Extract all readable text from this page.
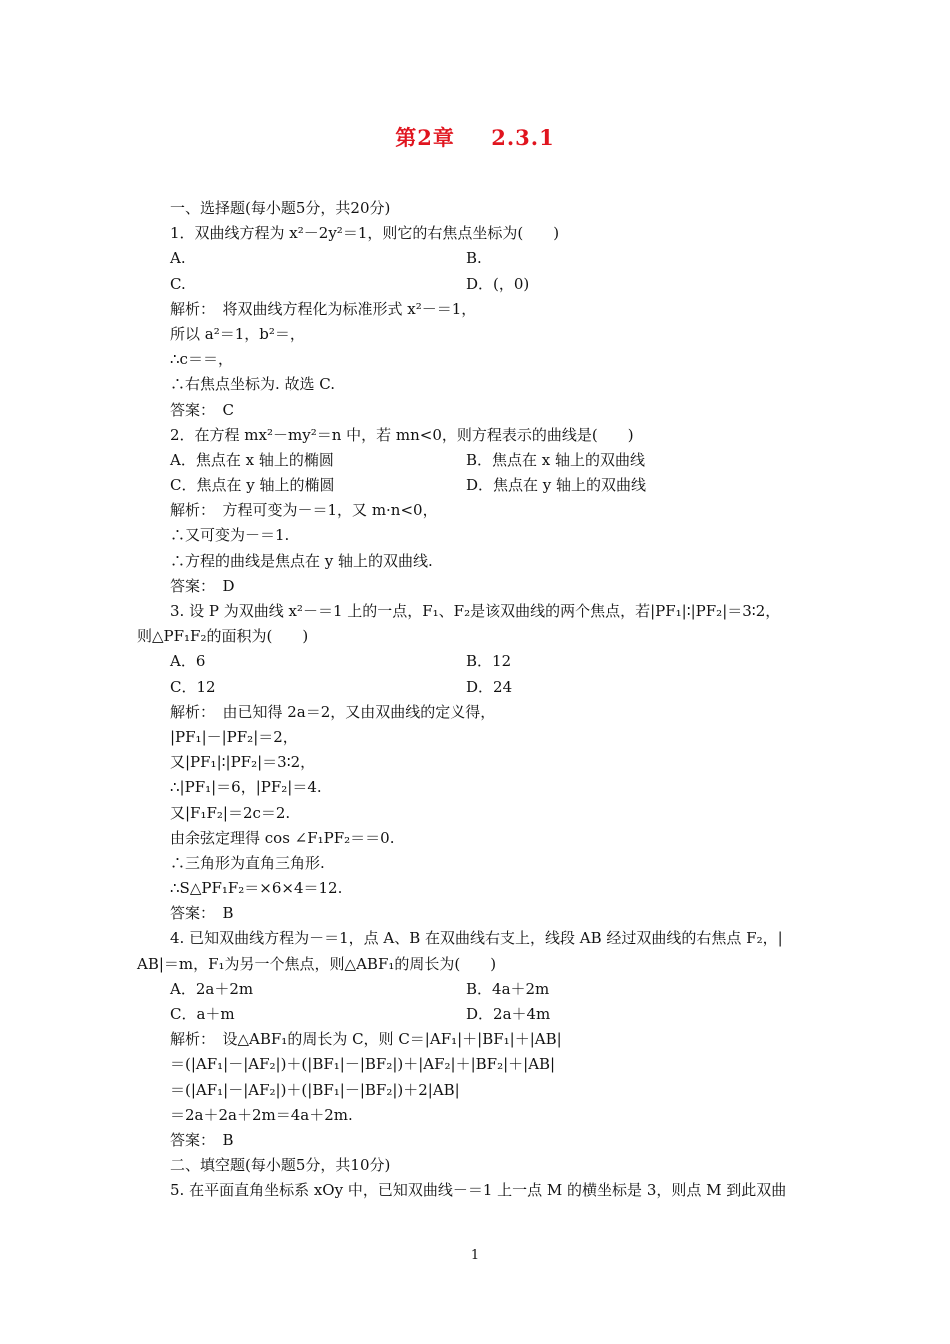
第2章 2.3.1
一、选择题(每小题5分，共20分)
1．双曲线方程为 x²－2y²＝1，则它的右焦点坐标为(　　)
A.	B.
C.	D．(，0)
解析：　将双曲线方程化为标准形式 x²－＝1，
所以 a²＝1，b²＝，
∴c＝＝，
∴右焦点坐标为. 故选 C.
答案：　C
2．在方程 mx²－my²＝n 中，若 mn<0，则方程表示的曲线是(　　)
A．焦点在 x 轴上的椭圆	B．焦点在 x 轴上的双曲线
C．焦点在 y 轴上的椭圆	D．焦点在 y 轴上的双曲线
解析：　方程可变为－＝1，又 m·n<0，
∴又可变为－＝1.
∴方程的曲线是焦点在 y 轴上的双曲线.
答案：　D
3. 设 P 为双曲线 x²－＝1 上的一点，F₁、F₂是该双曲线的两个焦点，若|PF₁|∶|PF₂|＝3∶2，
则△PF₁F₂的面积为(　　)
A．6	B．12
C．12	D．24
解析：　由已知得 2a＝2，又由双曲线的定义得，
|PF₁|－|PF₂|＝2，
又|PF₁|∶|PF₂|＝3∶2，
∴|PF₁|＝6，|PF₂|＝4.
又|F₁F₂|＝2c＝2.
由余弦定理得 cos ∠F₁PF₂＝＝0.
∴三角形为直角三角形.
∴S△PF₁F₂＝×6×4＝12.
答案：　B
4. 已知双曲线方程为－＝1，点 A、B 在双曲线右支上，线段 AB 经过双曲线的右焦点 F₂，|
AB|＝m，F₁为另一个焦点，则△ABF₁的周长为(　　)
A．2a＋2m	B．4a＋2m
C．a＋m	D．2a＋4m
解析：　设△ABF₁的周长为 C，则 C＝|AF₁|＋|BF₁|＋|AB|
＝(|AF₁|－|AF₂|)＋(|BF₁|－|BF₂|)＋|AF₂|＋|BF₂|＋|AB|
＝(|AF₁|－|AF₂|)＋(|BF₁|－|BF₂|)＋2|AB|
＝2a＋2a＋2m＝4a＋2m.
答案：　B
二、填空题(每小题5分，共10分)
5. 在平面直角坐标系 xOy 中，已知双曲线－＝1 上一点 M 的横坐标是 3，则点 M 到此双曲
1
